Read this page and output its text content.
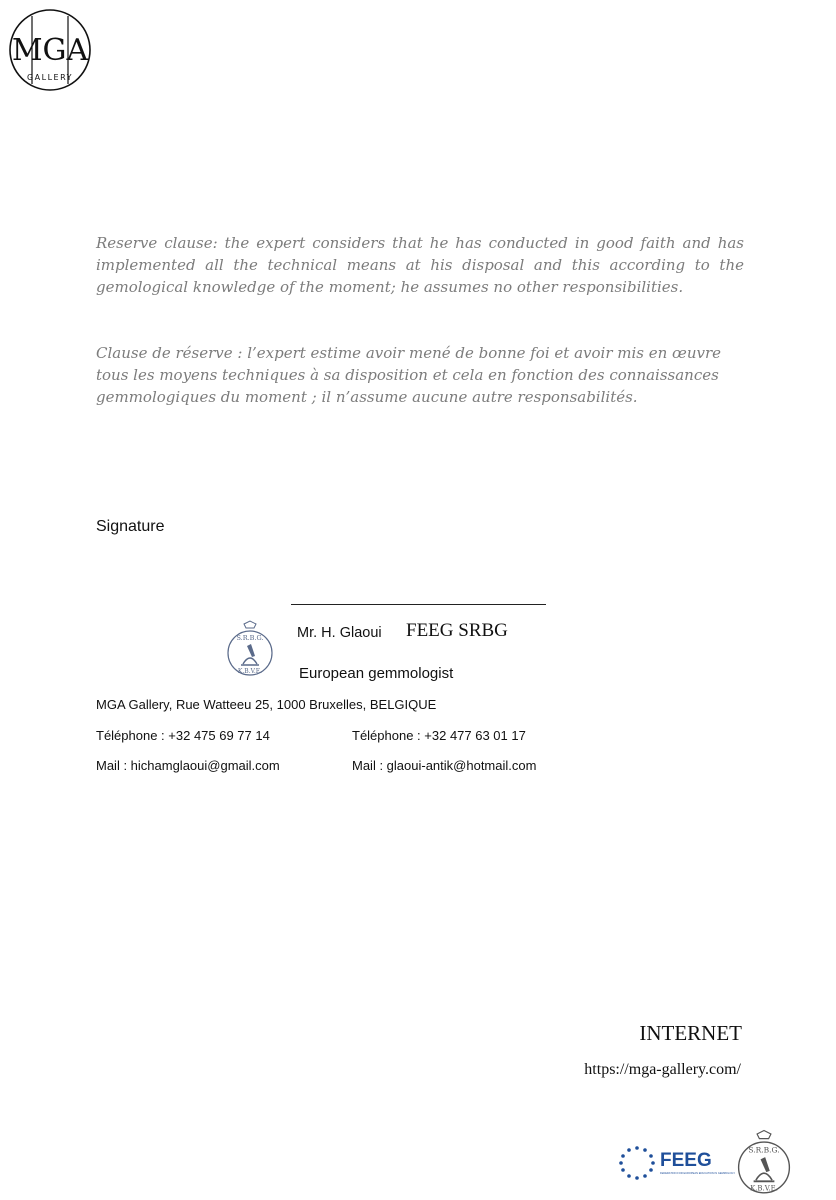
MGA
GALLERY

Reserve clause: the expert considers that he has conducted in good faith and has implemented all the technical means at his disposal and this according to the gemological knowledge of the moment; he assumes no other responsibilities.

Clause de réserve : l’expert estime avoir mené de bonne foi et avoir mis en œuvre tous les moyens techniques à sa disposition et cela en fonction des connaissances gemmologiques du moment ; il n’assume aucune autre responsabilités.

Signature
S.R.B.G.
K.B.V.E.
Mr. H. Glaoui FEEG SRBG
European gemmologist
MGA Gallery, Rue Watteeu 25, 1000 Bruxelles, BELGIQUE
Téléphone : +32 475 69 77 14	Téléphone : +32 477 63 01 17
Mail : hichamglaoui@gmail.com	Mail : glaoui-antik@hotmail.com
INTERNET
https://mga-gallery.com/
FEEG
FEDERATION FOR EUROPEAN EDUCATION IN GEMMOLOGY
S.R.B.G.
K.B.V.E.
